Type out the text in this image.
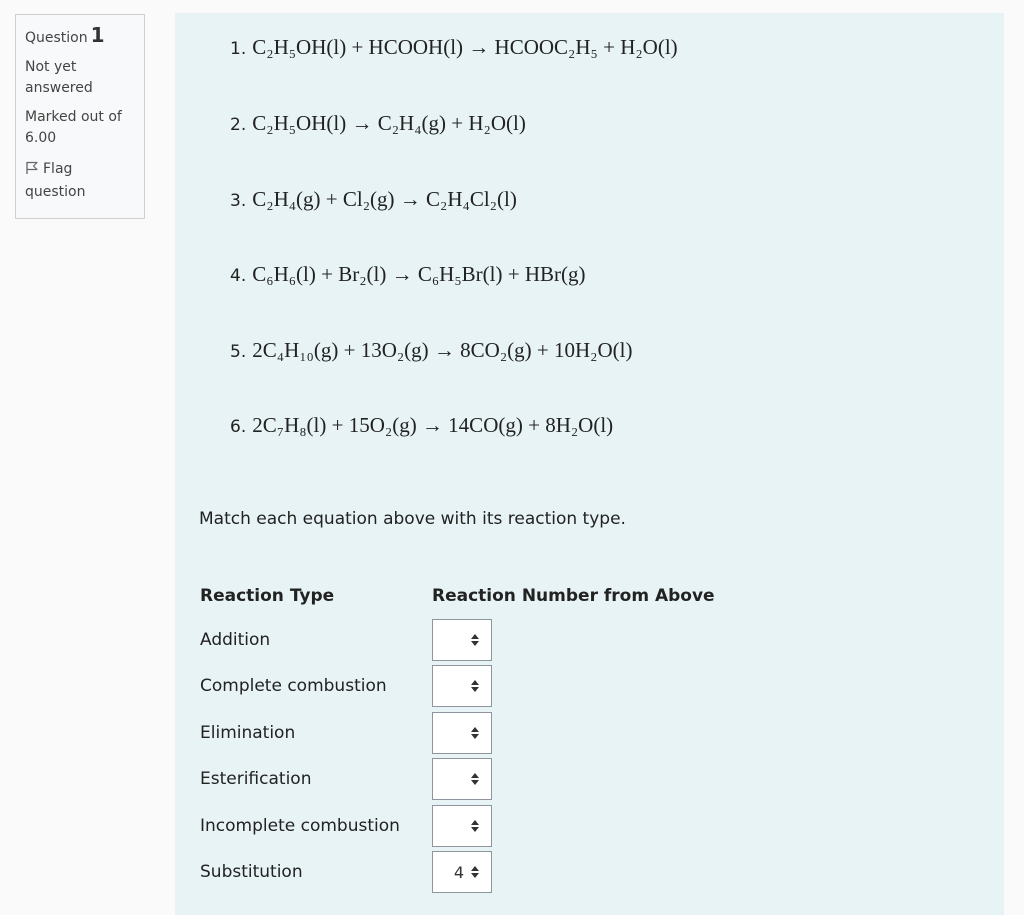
Question 1
Not yet
answered
Marked out of
6.00
Flag
question
1. C₂H₅OH(l) + HCOOH(l) → HCOOC₂H₅ + H₂O(l)
2. C₂H₅OH(l) → C₂H₄(g) + H₂O(l)
3. C₂H₄(g) + Cl₂(g) → C₂H₄Cl₂(l)
4. C₆H₆(l) + Br₂(l) → C₆H₅Br(l) + HBr(g)
5. 2C₄H₁₀(g) + 13O₂(g) → 8CO₂(g) + 10H₂O(l)
6. 2C₇H₈(l) + 15O₂(g) → 14CO(g) + 8H₂O(l)
Match each equation above with its reaction type.
Reaction Type	Reaction Number from Above
Addition
Complete combustion
Elimination
Esterification
Incomplete combustion
Substitution	4
